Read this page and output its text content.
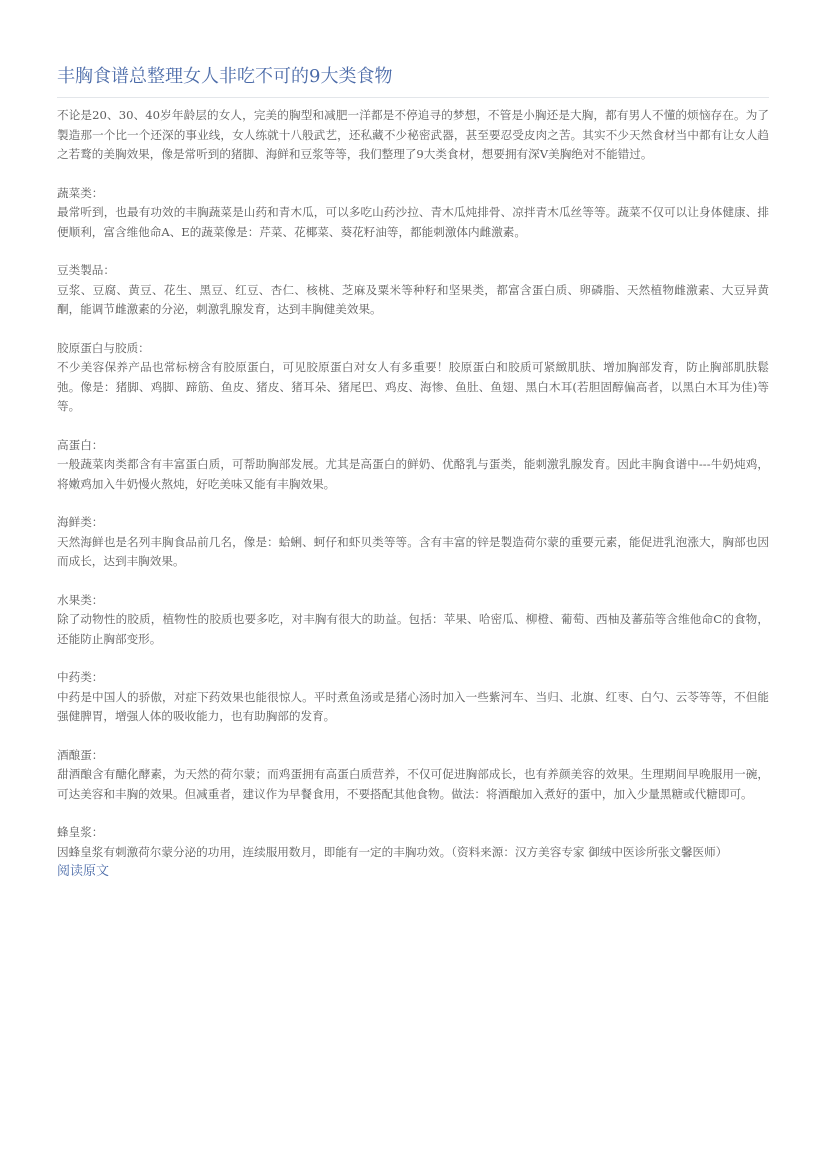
丰胸食谱总整理女人非吃不可的9大类食物

不论是20、30、40岁年龄层的女人，完美的胸型和减肥一洋都是不停追寻的梦想，不管是小胸还是大胸，都有男人不懂的烦恼存在。为了製造那一个比一个还深的事业线，女人练就十八般武艺，还私藏不少秘密武器，甚至要忍受皮肉之苦。其实不少天然食材当中都有让女人趋之若鹜的美胸效果，像是常听到的猪脚、海鲜和豆浆等等，我们整理了9大类食材，想要拥有深V美胸绝对不能错过。

蔬菜类：

最常听到，也最有功效的丰胸蔬菜是山药和青木瓜，可以多吃山药沙拉、青木瓜炖排骨、凉拌青木瓜丝等等。蔬菜不仅可以让身体健康、排便顺利，富含维他命A、E的蔬菜像是：芹菜、花椰菜、葵花籽油等，都能刺激体内雌激素。

豆类製品：

豆浆、豆腐、黄豆、花生、黑豆、红豆、杏仁、核桃、芝麻及粟米等种籽和坚果类，都富含蛋白质、卵磷脂、天然植物雌激素、大豆异黄酮，能调节雌激素的分泌，刺激乳腺发育，达到丰胸健美效果。

胶原蛋白与胶质：

不少美容保养产品也常标榜含有胶原蛋白，可见胶原蛋白对女人有多重要！胶原蛋白和胶质可紧緻肌肤、增加胸部发育，防止胸部肌肤鬆弛。像是：猪脚、鸡脚、蹄筋、鱼皮、猪皮、猪耳朵、猪尾巴、鸡皮、海惨、鱼肚、鱼翅、黑白木耳(若胆固醇偏高者，以黑白木耳为佳)等等。

高蛋白：

一般蔬菜肉类都含有丰富蛋白质，可帮助胸部发展。尤其是高蛋白的鲜奶、优酪乳与蛋类，能刺激乳腺发育。因此丰胸食谱中---牛奶炖鸡，将嫩鸡加入牛奶慢火熬炖，好吃美味又能有丰胸效果。

海鲜类：

天然海鲜也是名列丰胸食品前几名，像是：蛤蜊、蚵仔和虾贝类等等。含有丰富的锌是製造荷尔蒙的重要元素，能促进乳泡涨大，胸部也因而成长，达到丰胸效果。

水果类：

除了动物性的胶质，植物性的胶质也要多吃，对丰胸有很大的助益。包括：苹果、哈密瓜、柳橙、葡萄、西柚及蕃茄等含维他命C的食物，还能防止胸部变形。

中药类：

中药是中国人的骄傲，对症下药效果也能很惊人。平时煮鱼汤或是猪心汤时加入一些紫河车、当归、北旗、红枣、白勺、云苓等等，不但能强健脾胃，增强人体的吸收能力，也有助胸部的发育。

酒酿蛋：

甜酒酿含有醣化酵素，为天然的荷尔蒙；而鸡蛋拥有高蛋白质营养，不仅可促进胸部成长，也有养颜美容的效果。生理期间早晚服用一碗，可达美容和丰胸的效果。但减重者，建议作为早餐食用，不要搭配其他食物。做法：将酒酿加入煮好的蛋中，加入少量黑糖或代糖即可。

蜂皇浆：

因蜂皇浆有刺激荷尔蒙分泌的功用，连续服用数月，即能有一定的丰胸功效。（资料来源：汉方美容专家 御绒中医诊所张文馨医师）

阅读原文
